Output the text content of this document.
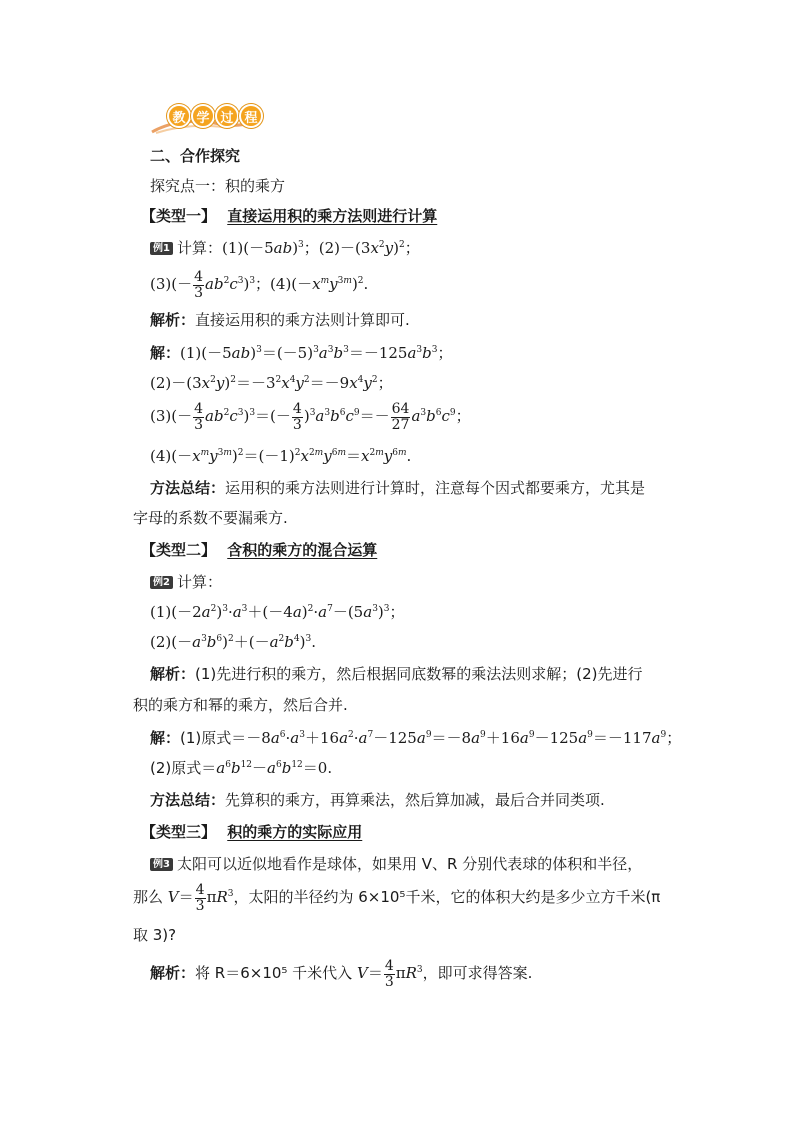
教 学 过 程
二、合作探究
探究点一：积的乘方
【类型一】 直接运用积的乘方法则进行计算
例1 计算：$(1)(-5ab)^3$；$(2)-(3x^2y)^2$；
$(3)(- \frac{4}{3} ab^2c^3)^3$；$(4)(-x^my^{3m})^2$.
解析：直接运用积的乘方法则计算即可.
解：$(1)(-5ab)^3=(-5)^3a^3b^3=-125a^3b^3$；
$(2)-(3x^2y)^2=-3^2x^4y^2=-9x^4y^2$；
$(3)(- \frac{4}{3} ab^2c^3)^3=(- \frac{4}{3} )^3a^3b^6c^9=- \frac{64}{27} a^3b^6c^9$；
$(4)(-x^my^{3m})^2=(-1)^2x^{2m}y^{6m}=x^{2m}y^{6m}$.
方法总结：运用积的乘方法则进行计算时，注意每个因式都要乘方，尤其是
字母的系数不要漏乘方.
【类型二】 含积的乘方的混合运算
例2 计算：
$(1)(-2a^2)^3\cdot a^3+(-4a)^2\cdot a^7-(5a^3)^3$；
$(2)(-a^3b^6)^2+(-a^2b^4)^3$.
解析：(1)先进行积的乘方，然后根据同底数幂的乘法法则求解；(2)先进行
积的乘方和幂的乘方，然后合并.
解：(1)原式$=-8a^6\cdot a^3+16a^2\cdot a^7-125a^9=-8a^9+16a^9-125a^9=-117a^9$；
(2)原式$=a^6b^{12}-a^6b^{12}=0$.
方法总结：先算积的乘方，再算乘法，然后算加减，最后合并同类项.
【类型三】 积的乘方的实际应用
例3 太阳可以近似地看作是球体，如果用 V、R 分别代表球的体积和半径，
那么 $V= \frac{4}{3} \pi R^3$，太阳的半径约为 6×10⁵千米，它的体积大约是多少立方千米(π
取 3)?
解析：将 R＝6×10⁵ 千米代入 $V= \frac{4}{3} \pi R^3$，即可求得答案.
